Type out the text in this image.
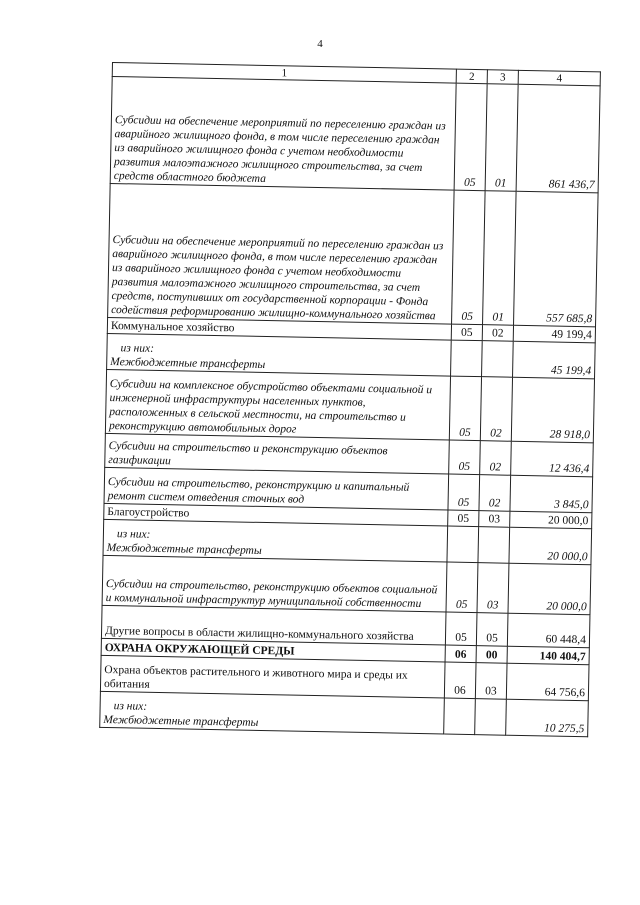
4
1	2	3	4
Субсидии на обеспечение мероприятий по переселению граждан из аварийного жилищного фонда, в том числе переселению граждан из аварийного жилищного фонда с учетом необходимости развития малоэтажного жилищного строительства, за счет средств областного бюджета	05	01	861 436,7
Субсидии на обеспечение мероприятий по переселению граждан из аварийного жилищного фонда, в том числе переселению граждан из аварийного жилищного фонда с учетом необходимости развития малоэтажного жилищного строительства, за счет средств, поступивших от государственной корпорации - Фонда содействия реформированию жилищно-коммунального хозяйства	05	01	557 685,8
Коммунальное хозяйство	05	02	49 199,4

из них:
Межбюджетные трансферты			45 199,4
Субсидии на комплексное обустройство объектами социальной и инженерной инфраструктуры населенных пунктов, расположенных в сельской местности, на строительство и реконструкцию автомобильных дорог	05	02	28 918,0
Субсидии на строительство и реконструкцию объектов газификации	05	02	12 436,4
Субсидии на строительство, реконструкцию и капитальный ремонт систем отведения сточных вод	05	02	3 845,0
Благоустройство	05	03	20 000,0

из них:
Межбюджетные трансферты			20 000,0
Субсидии на строительство, реконструкцию объектов социальной и коммунальной инфраструктур муниципальной собственности	05	03	20 000,0
Другие вопросы в области жилищно-коммунального хозяйства	05	05	60 448,4
ОХРАНА ОКРУЖАЮЩЕЙ СРЕДЫ	06	00	140 404,7
Охрана объектов растительного и животного мира и среды их обитания	06	03	64 756,6

из них:
Межбюджетные трансферты			10 275,5
